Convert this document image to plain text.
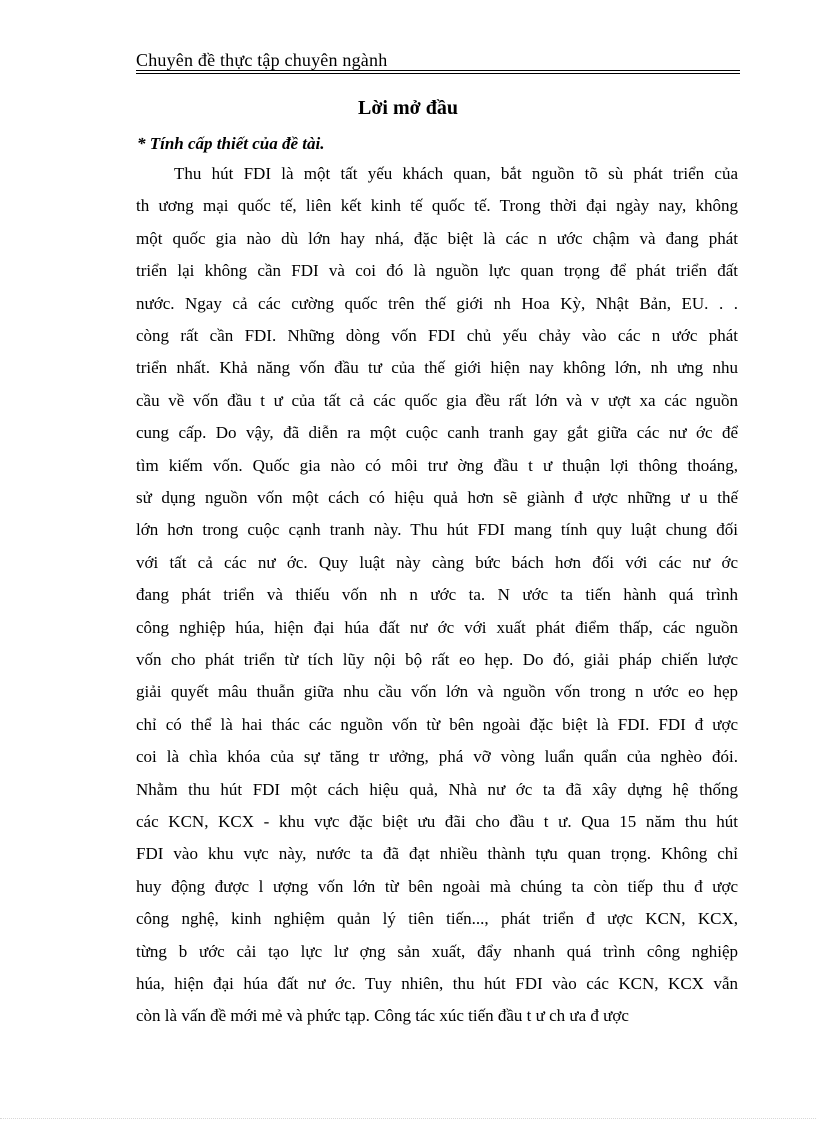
Chuyên đề thực tập chuyên ngành
Lời mở đầu
* Tính cấp thiết của đề tài.
Thu hút FDI là một tất yếu khách quan, bắt nguồn tõ sù phát triển của
th ương mại quốc tế, liên kết kinh tế quốc tế. Trong thời đại ngày nay, không
một quốc gia nào dù lớn hay nhá, đặc biệt là các n ước chậm và đang phát
triển lại không cần FDI và coi đó là nguồn lực quan trọng để phát triển đất
nước. Ngay cả các cường quốc trên thế giới nh Hoa Kỳ, Nhật Bản, EU. . .
còng rất cần FDI. Những dòng vốn FDI chủ yếu chảy vào các n ước phát
triển nhất. Khả năng vốn đầu tư của thế giới hiện nay không lớn, nh ưng nhu
cầu về vốn đầu t ư của tất cả các quốc gia đều rất lớn và v ượt xa các nguồn
cung cấp. Do vậy, đã diễn ra một cuộc canh tranh gay gắt giữa các nư ớc để
tìm kiếm vốn. Quốc gia nào có môi trư ờng đầu t ư thuận lợi thông thoáng,
sử dụng nguồn vốn một cách có hiệu quả hơn sẽ giành đ ược những ư u thế
lớn hơn trong cuộc cạnh tranh này. Thu hút FDI mang tính quy luật chung đối
với tất cả các nư ớc. Quy luật này càng bức bách hơn đối với các nư ớc
đang phát triển và thiếu vốn nh n ước ta. N ước ta tiến hành quá trình
công nghiệp húa, hiện đại húa đất nư ớc với xuất phát điểm thấp, các nguồn
vốn cho phát triển từ tích lũy nội bộ rất eo hẹp. Do đó, giải pháp chiến lược
giải quyết mâu thuẫn giữa nhu cầu vốn lớn và nguồn vốn trong n ước eo hẹp
chỉ có thể là hai thác các nguồn vốn từ bên ngoài đặc biệt là FDI. FDI đ ược
coi là chìa khóa của sự tăng tr ưởng, phá vỡ vòng luẩn quẩn của nghèo đói.
Nhằm thu hút FDI một cách hiệu quả, Nhà nư ớc ta đã xây dựng hệ thống
các KCN, KCX - khu vực đặc biệt ưu đãi cho đầu t ư. Qua 15 năm thu hút
FDI vào khu vực này, nước ta đã đạt nhiều thành tựu quan trọng. Không chỉ
huy động được l ượng vốn lớn từ bên ngoài mà chúng ta còn tiếp thu đ ược
công nghệ, kinh nghiệm quản lý tiên tiến..., phát triển đ ược KCN, KCX,
từng b ước cải tạo lực lư ợng sản xuất, đẩy nhanh quá trình công nghiệp
húa, hiện đại húa đất nư ớc. Tuy nhiên, thu hút FDI vào các KCN, KCX vẫn
còn là vấn đề mới mẻ và phức tạp. Công tác xúc tiến đầu t ư ch ưa đ ược
